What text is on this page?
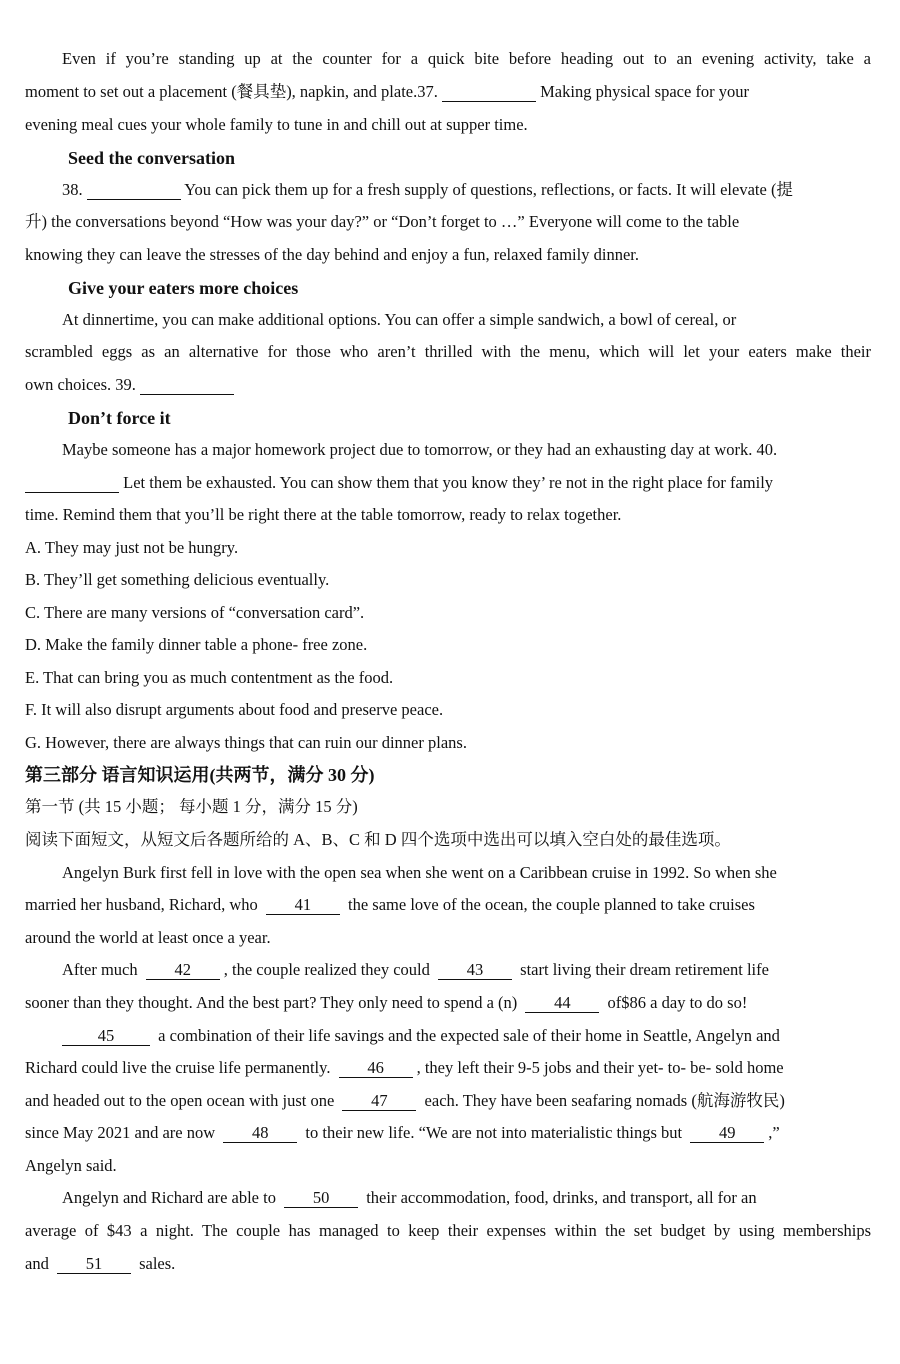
Even if you’re standing up at the counter for a quick bite before heading out to an evening activity, take a
moment to set out a placement (餐具垫), napkin, and plate.37.	Making physical space for your
evening meal cues your whole family to tune in and chill out at supper time.
Seed the conversation
38.	You can pick them up for a fresh supply of questions, reflections, or facts. It will elevate (提
升) the conversations beyond “How was your day?” or “Don’t forget to …” Everyone will come to the table
knowing they can leave the stresses of the day behind and enjoy a fun, relaxed family dinner.
Give your eaters more choices
At dinnertime, you can make additional options. You can offer a simple sandwich, a bowl of cereal, or
scrambled eggs as an alternative for those who aren’t thrilled with the menu, which will let your eaters make their
own choices. 39.
Don’t force it
Maybe someone has a major homework project due to tomorrow, or they had an exhausting day at work. 40.
Let them be exhausted. You can show them that you know they’ re not in the right place for family
time. Remind them that you’ll be right there at the table tomorrow, ready to relax together.
A. They may just not be hungry.
B. They’ll get something delicious eventually.
C. There are many versions of “conversation card”.
D. Make the family dinner table a phone- free zone.
E. That can bring you as much contentment as the food.
F. It will also disrupt arguments about food and preserve peace.
G. However, there are always things that can ruin our dinner plans.
第三部分 语言知识运用(共两节，满分 30 分)
第一节 (共 15 小题； 每小题 1 分，满分 15 分)
阅读下面短文，从短文后各题所给的 A、B、C 和 D 四个选项中选出可以填入空白处的最佳选项。
Angelyn Burk first fell in love with the open sea when she went on a Caribbean cruise in 1992. So when she
married her husband, Richard, who 41 the same love of the ocean, the couple planned to take cruises
around the world at least once a year.
After much 42 , the couple realized they could 43 start living their dream retirement life
sooner than they thought. And the best part? They only need to spend a (n) 44 of$86 a day to do so!
45	a combination of their life savings and the expected sale of their home in Seattle, Angelyn and
Richard could live the cruise life permanently. 46 , they left their 9-5 jobs and their yet- to- be- sold home
and headed out to the open ocean with just one 47 each. They have been seafaring nomads (航海游牧民)
since May 2021 and are now 48 to their new life. “We are not into materialistic things but 49 ,”
Angelyn said.
Angelyn and Richard are able to 50 their accommodation, food, drinks, and transport, all for an
average of $43 a night. The couple has managed to keep their expenses within the set budget by using memberships
and 51 sales.
